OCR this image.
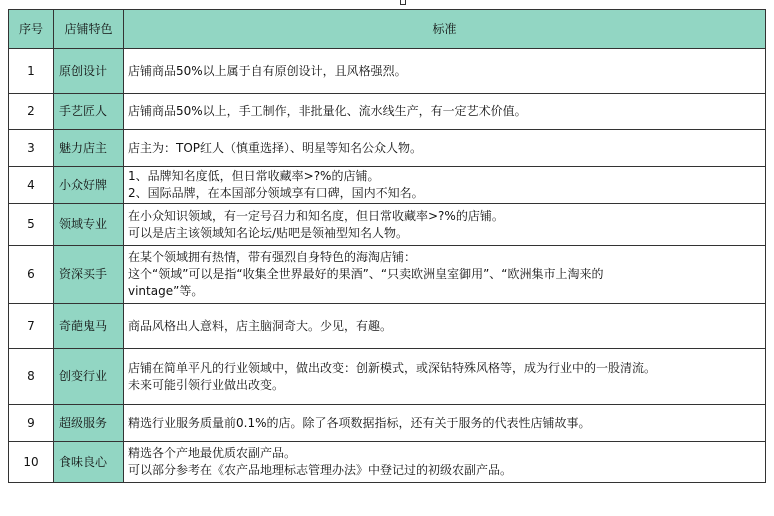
序号	店铺特色	标准
1	原创设计	店铺商品50%以上属于自有原创设计，且风格强烈。

2	手艺匠人	店铺商品50%以上，手工制作，非批量化、流水线生产，有一定艺术价值。

3	魅力店主	店主为：TOP红人（慎重选择）、明星等知名公众人物。

4	小众好牌	1、品牌知名度低，但日常收藏率>?%的店铺。
2、国际品牌，在本国部分领域享有口碑，国内不知名。

5	领域专业	在小众知识领域，有一定号召力和知名度，但日常收藏率>?%的店铺。
可以是店主该领域知名论坛/贴吧是领袖型知名人物。

6	资深买手	在某个领域拥有热情，带有强烈自身特色的海淘店铺：
这个“领域”可以是指“收集全世界最好的果酒”、“只卖欧洲皇室御用”、“欧洲集市上淘来的
vintage”等。

7	奇葩鬼马	商品风格出人意料，店主脑洞奇大。少见，有趣。

8	创变行业	店铺在简单平凡的行业领域中，做出改变：创新模式，或深钻特殊风格等，成为行业中的一股清流。
未来可能引领行业做出改变。

9	超级服务	精选行业服务质量前0.1%的店。除了各项数据指标，还有关于服务的代表性店铺故事。

10	食味良心	精选各个产地最优质农副产品。
可以部分参考在《农产品地理标志管理办法》中登记过的初级农副产品。
